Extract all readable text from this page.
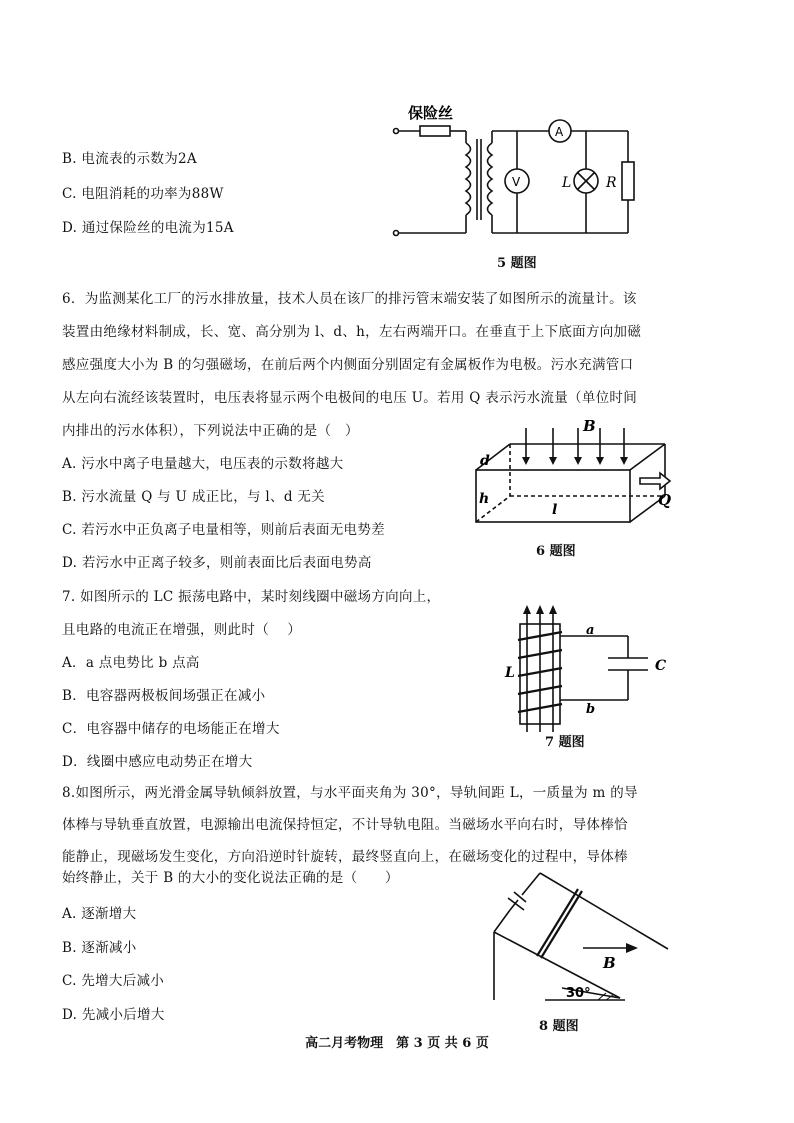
B. 电流表的示数为2A
C. 电阻消耗的功率为88W
D. 通过保险丝的电流为15A
保险丝
A
V	L R
5 题图
6．为监测某化工厂的污水排放量，技术人员在该厂的排污管末端安装了如图所示的流量计。该
装置由绝缘材料制成，长、宽、高分别为 l、d、h，左右两端开口。在垂直于上下底面方向加磁
感应强度大小为 B 的匀强磁场，在前后两个内侧面分别固定有金属板作为电极。污水充满管口
从左向右流经该装置时，电压表将显示两个电极间的电压 U。若用 Q 表示污水流量（单位时间
内排出的污水体积），下列说法中正确的是（　）
A. 污水中离子电量越大，电压表的示数将越大
B. 污水流量 Q 与 U 成正比，与 l、d 无关
C. 若污水中正负离子电量相等，则前后表面无电势差
D. 若污水中正离子较多，则前表面比后表面电势高
B
d
h
l
Q
6 题图
7. 如图所示的 LC 振荡电路中，某时刻线圈中磁场方向向上，
且电路的电流正在增强，则此时（　 ）
A．a 点电势比 b 点高
B．电容器两极板间场强正在减小
C．电容器中储存的电场能正在增大
D．线圈中感应电动势正在增大
a
b
C
L
7 题图
8.如图所示，两光滑金属导轨倾斜放置，与水平面夹角为 30°，导轨间距 L，一质量为 m 的导
体棒与导轨垂直放置，电源输出电流保持恒定，不计导轨电阻。当磁场水平向右时，导体棒恰
能静止，现磁场发生变化，方向沿逆时针旋转，最终竖直向上，在磁场变化的过程中，导体棒
始终静止，关于 B 的大小的变化说法正确的是（　　）
A. 逐渐增大
B. 逐渐减小
C. 先增大后减小
D. 先减小后增大
B
30°
8 题图
高二月考物理　第 3 页 共 6 页
